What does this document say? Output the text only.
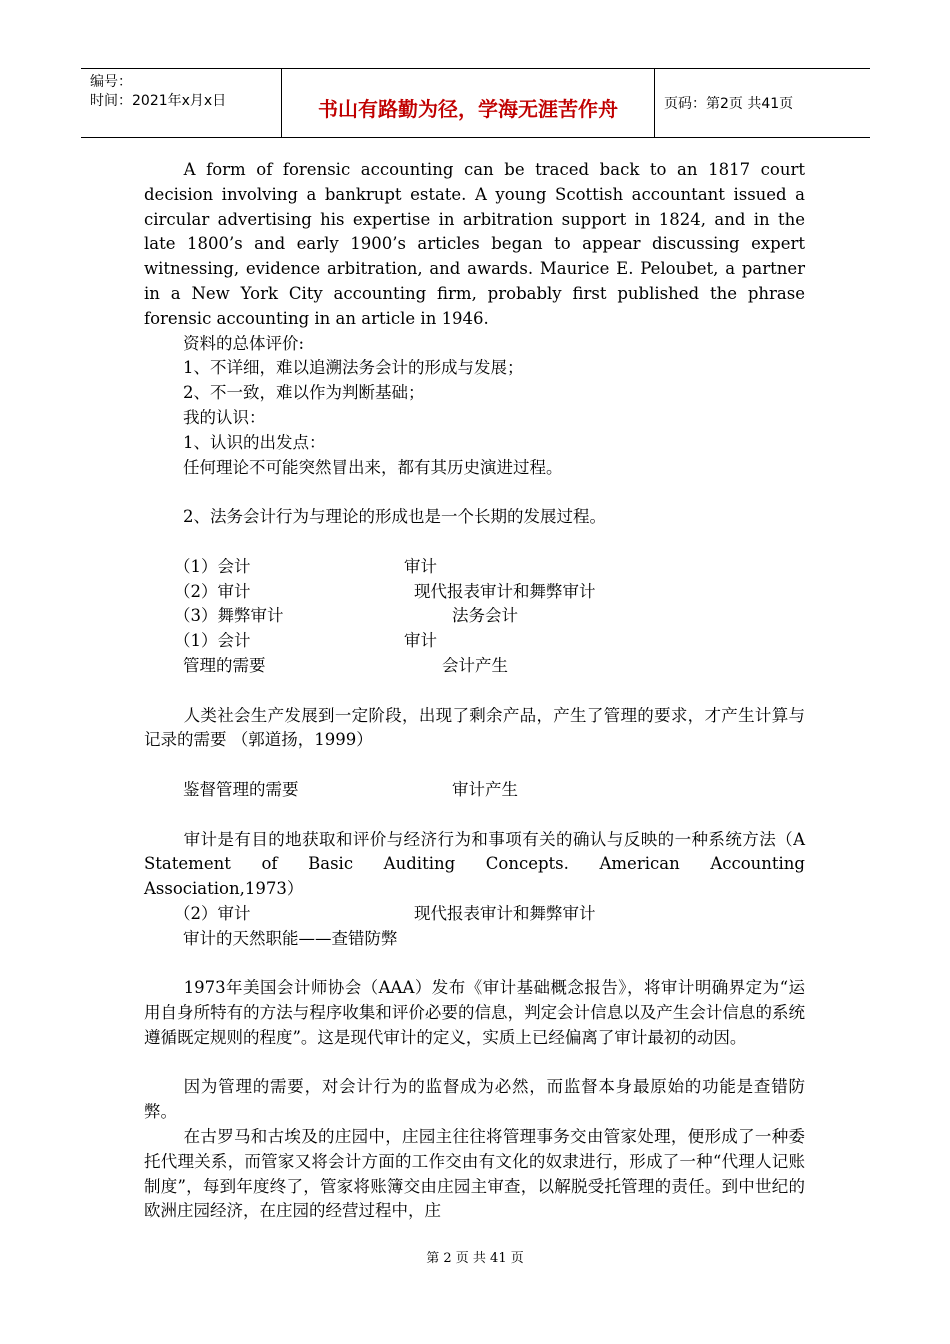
编号：
时间：2021年x月x日	书山有路勤为径，学海无涯苦作舟	页码：第2页 共41页

A form of forensic accounting can be traced back to an 1817 court decision involving a bankrupt estate. A young Scottish accountant issued a circular advertising his expertise in arbitration support in 1824, and in the late 1800’s and early 1900’s articles began to appear discussing expert witnessing, evidence arbitration, and awards. Maurice E. Peloubet, a partner in a New York City accounting firm, probably first published the phrase forensic accounting in an article in 1946.

资料的总体评价:

1、不详细，难以追溯法务会计的形成与发展；

2、不一致，难以作为判断基础；

我的认识：

1、认识的出发点：

任何理论不可能突然冒出来，都有其历史演进过程。

2、法务会计行为与理论的形成也是一个长期的发展过程。

（1）会计	审计
（2）审计	现代报表审计和舞弊审计
（3）舞弊审计	法务会计
（1）会计	审计
管理的需要	会计产生

人类社会生产发展到一定阶段，出现了剩余产品，产生了管理的要求，才产生计算与记录的需要 （郭道扬，1999）

鉴督管理的需要	审计产生

审计是有目的地获取和评价与经济行为和事项有关的确认与反映的一种系统方法（A Statement of Basic Auditing Concepts. American Accounting Association,1973）

（2）审计	现代报表审计和舞弊审计

审计的天然职能——查错防弊

1973年美国会计师协会（AAA）发布《审计基础概念报告》，将审计明确界定为“运用自身所特有的方法与程序收集和评价必要的信息，判定会计信息以及产生会计信息的系统遵循既定规则的程度”。这是现代审计的定义，实质上已经偏离了审计最初的动因。

因为管理的需要，对会计行为的监督成为必然，而监督本身最原始的功能是查错防弊。

在古罗马和古埃及的庄园中，庄园主往往将管理事务交由管家处理，便形成了一种委托代理关系，而管家又将会计方面的工作交由有文化的奴隶进行，形成了一种“代理人记账制度”，每到年度终了，管家将账簿交由庄园主审查，以解脱受托管理的责任。到中世纪的欧洲庄园经济，在庄园的经营过程中，庄

第 2 页 共 41 页
